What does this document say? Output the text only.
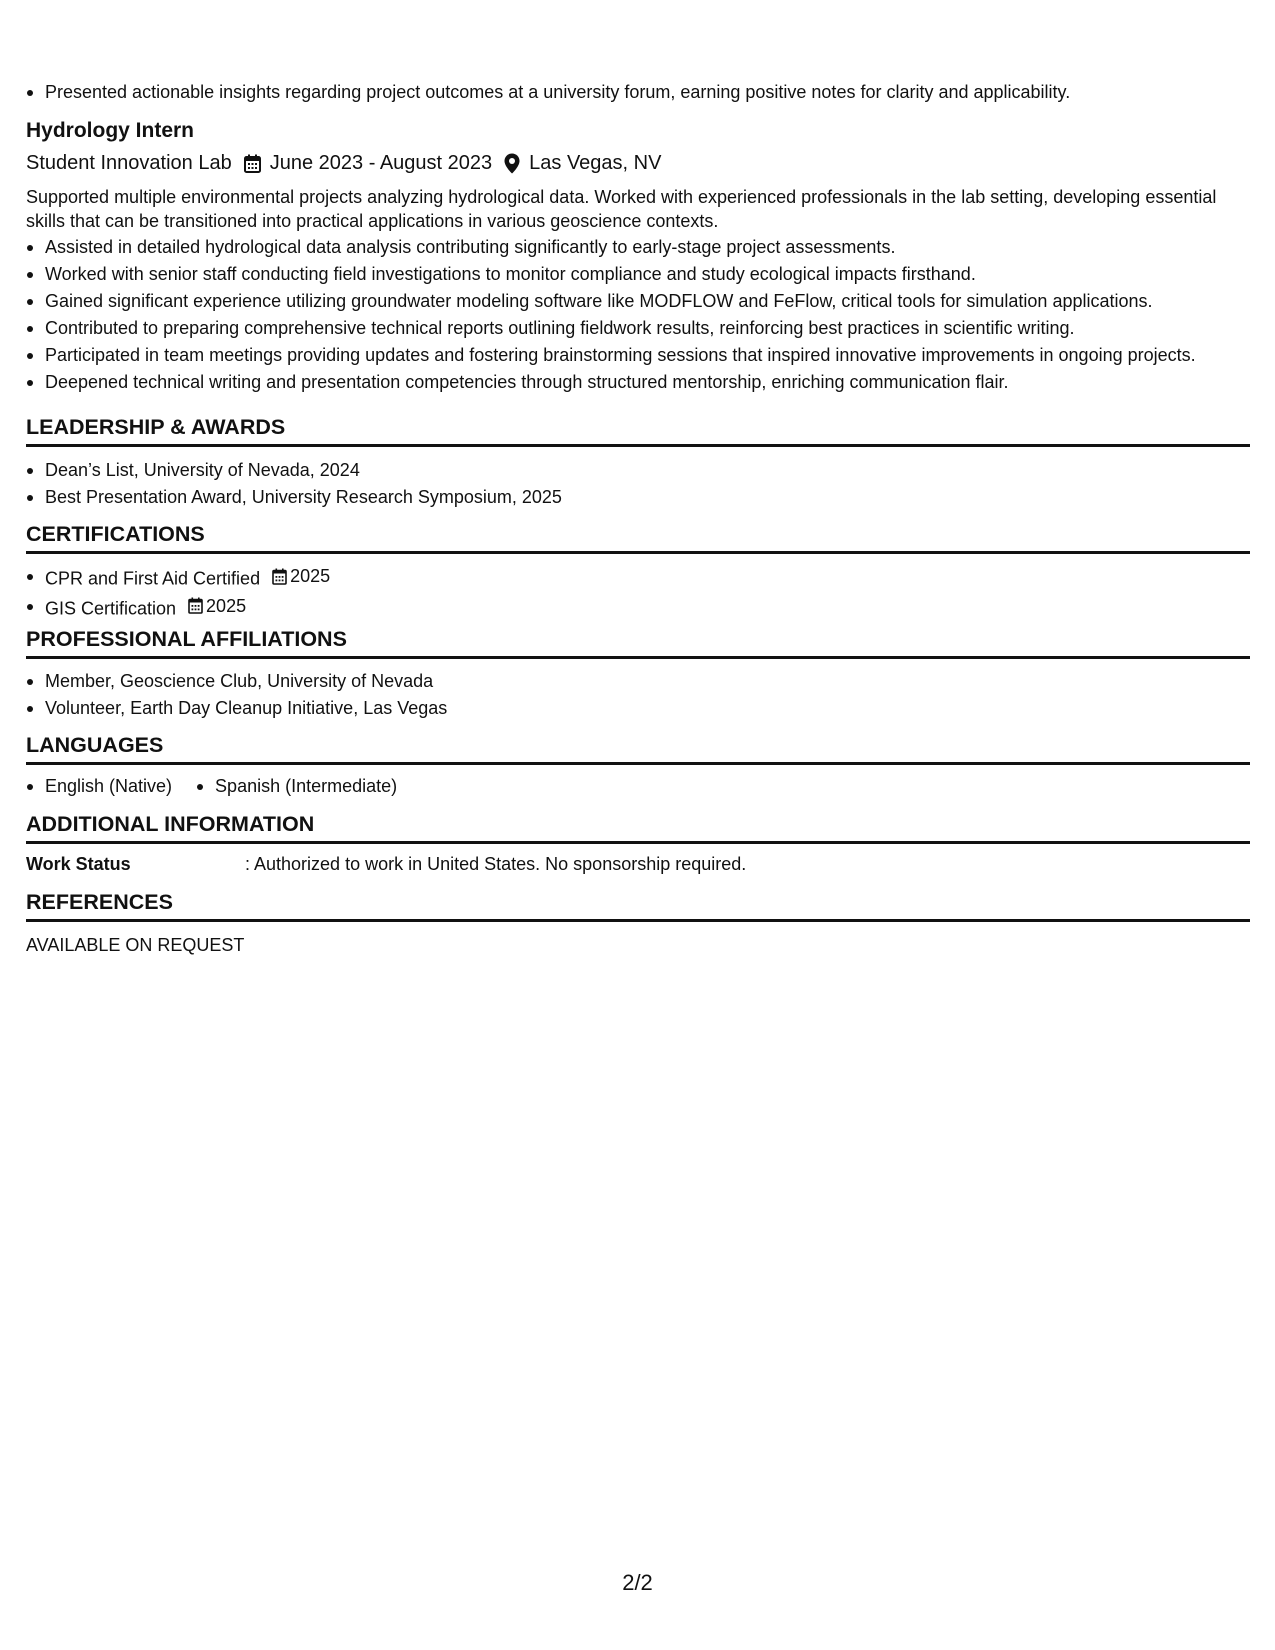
Presented actionable insights regarding project outcomes at a university forum, earning positive notes for clarity and applicability.
Hydrology Intern
Student Innovation Lab June 2023 - August 2023 Las Vegas, NV
Supported multiple environmental projects analyzing hydrological data. Worked with experienced professionals in the lab setting, developing essential skills that can be transitioned into practical applications in various geoscience contexts.
Assisted in detailed hydrological data analysis contributing significantly to early-stage project assessments.
Worked with senior staff conducting field investigations to monitor compliance and study ecological impacts firsthand.
Gained significant experience utilizing groundwater modeling software like MODFLOW and FeFlow, critical tools for simulation applications.
Contributed to preparing comprehensive technical reports outlining fieldwork results, reinforcing best practices in scientific writing.
Participated in team meetings providing updates and fostering brainstorming sessions that inspired innovative improvements in ongoing projects.
Deepened technical writing and presentation competencies through structured mentorship, enriching communication flair.
LEADERSHIP & AWARDS
Dean’s List, University of Nevada, 2024
Best Presentation Award, University Research Symposium, 2025
CERTIFICATIONS
CPR and First Aid Certified 2025
GIS Certification 2025
PROFESSIONAL AFFILIATIONS
Member, Geoscience Club, University of Nevada
Volunteer, Earth Day Cleanup Initiative, Las Vegas
LANGUAGES
English (Native)	Spanish (Intermediate)
ADDITIONAL INFORMATION
Work Status	: Authorized to work in United States. No sponsorship required.
REFERENCES
AVAILABLE ON REQUEST
2/2
